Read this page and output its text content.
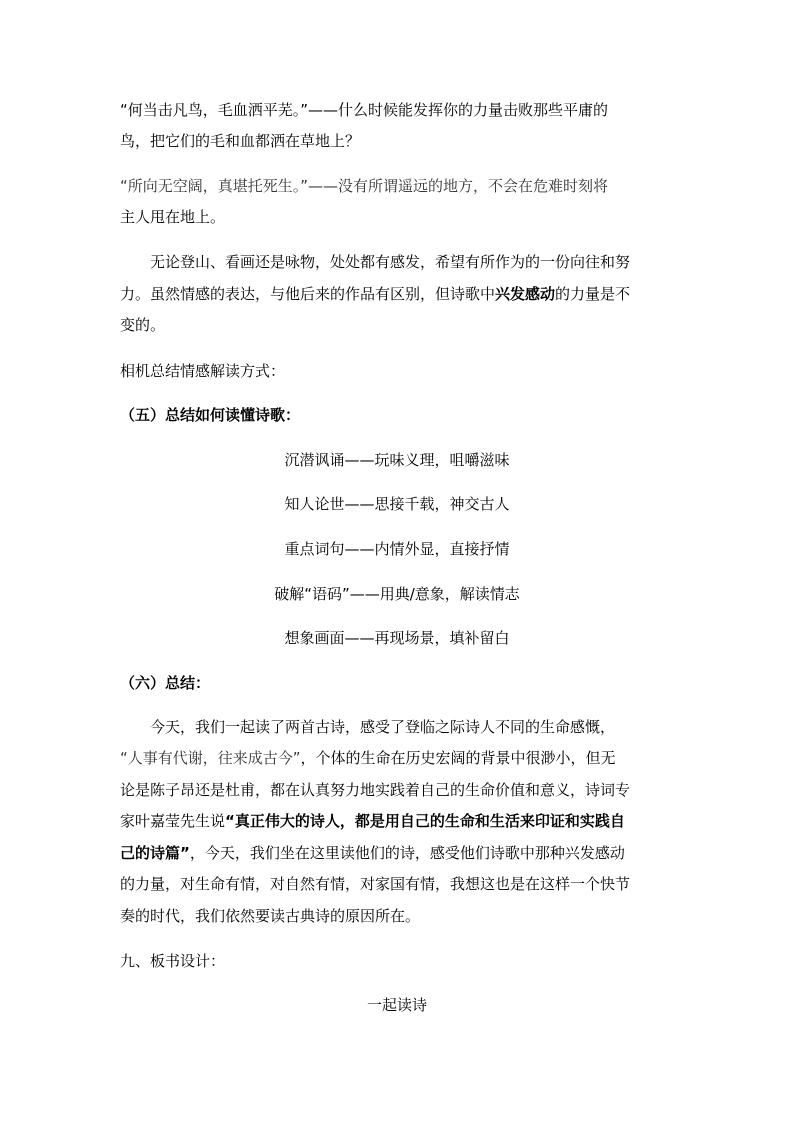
“何当击凡鸟，毛血洒平芜。”——什么时候能发挥你的力量击败那些平庸的
鸟，把它们的毛和血都洒在草地上？
“所向无空阔，真堪托死生。”——没有所谓遥远的地方，不会在危难时刻将
主人甩在地上。
无论登山、看画还是咏物，处处都有感发，希望有所作为的一份向往和努
力。虽然情感的表达，与他后来的作品有区别，但诗歌中兴发感动的力量是不
变的。
相机总结情感解读方式：
（五）总结如何读懂诗歌：
沉潜讽诵——玩味义理，咀嚼滋味
知人论世——思接千载，神交古人
重点词句——内情外显，直接抒情
破解“语码”——用典/意象，解读情志
想象画面——再现场景，填补留白
（六）总结：
今天，我们一起读了两首古诗，感受了登临之际诗人不同的生命感慨，
“人事有代谢，往来成古今”，个体的生命在历史宏阔的背景中很渺小，但无
论是陈子昂还是杜甫，都在认真努力地实践着自己的生命价值和意义，诗词专
家叶嘉莹先生说“真正伟大的诗人，都是用自己的生命和生活来印证和实践自
己的诗篇”，今天，我们坐在这里读他们的诗，感受他们诗歌中那种兴发感动
的力量，对生命有情，对自然有情，对家国有情，我想这也是在这样一个快节
奏的时代，我们依然要读古典诗的原因所在。
九、板书设计：
一起读诗
